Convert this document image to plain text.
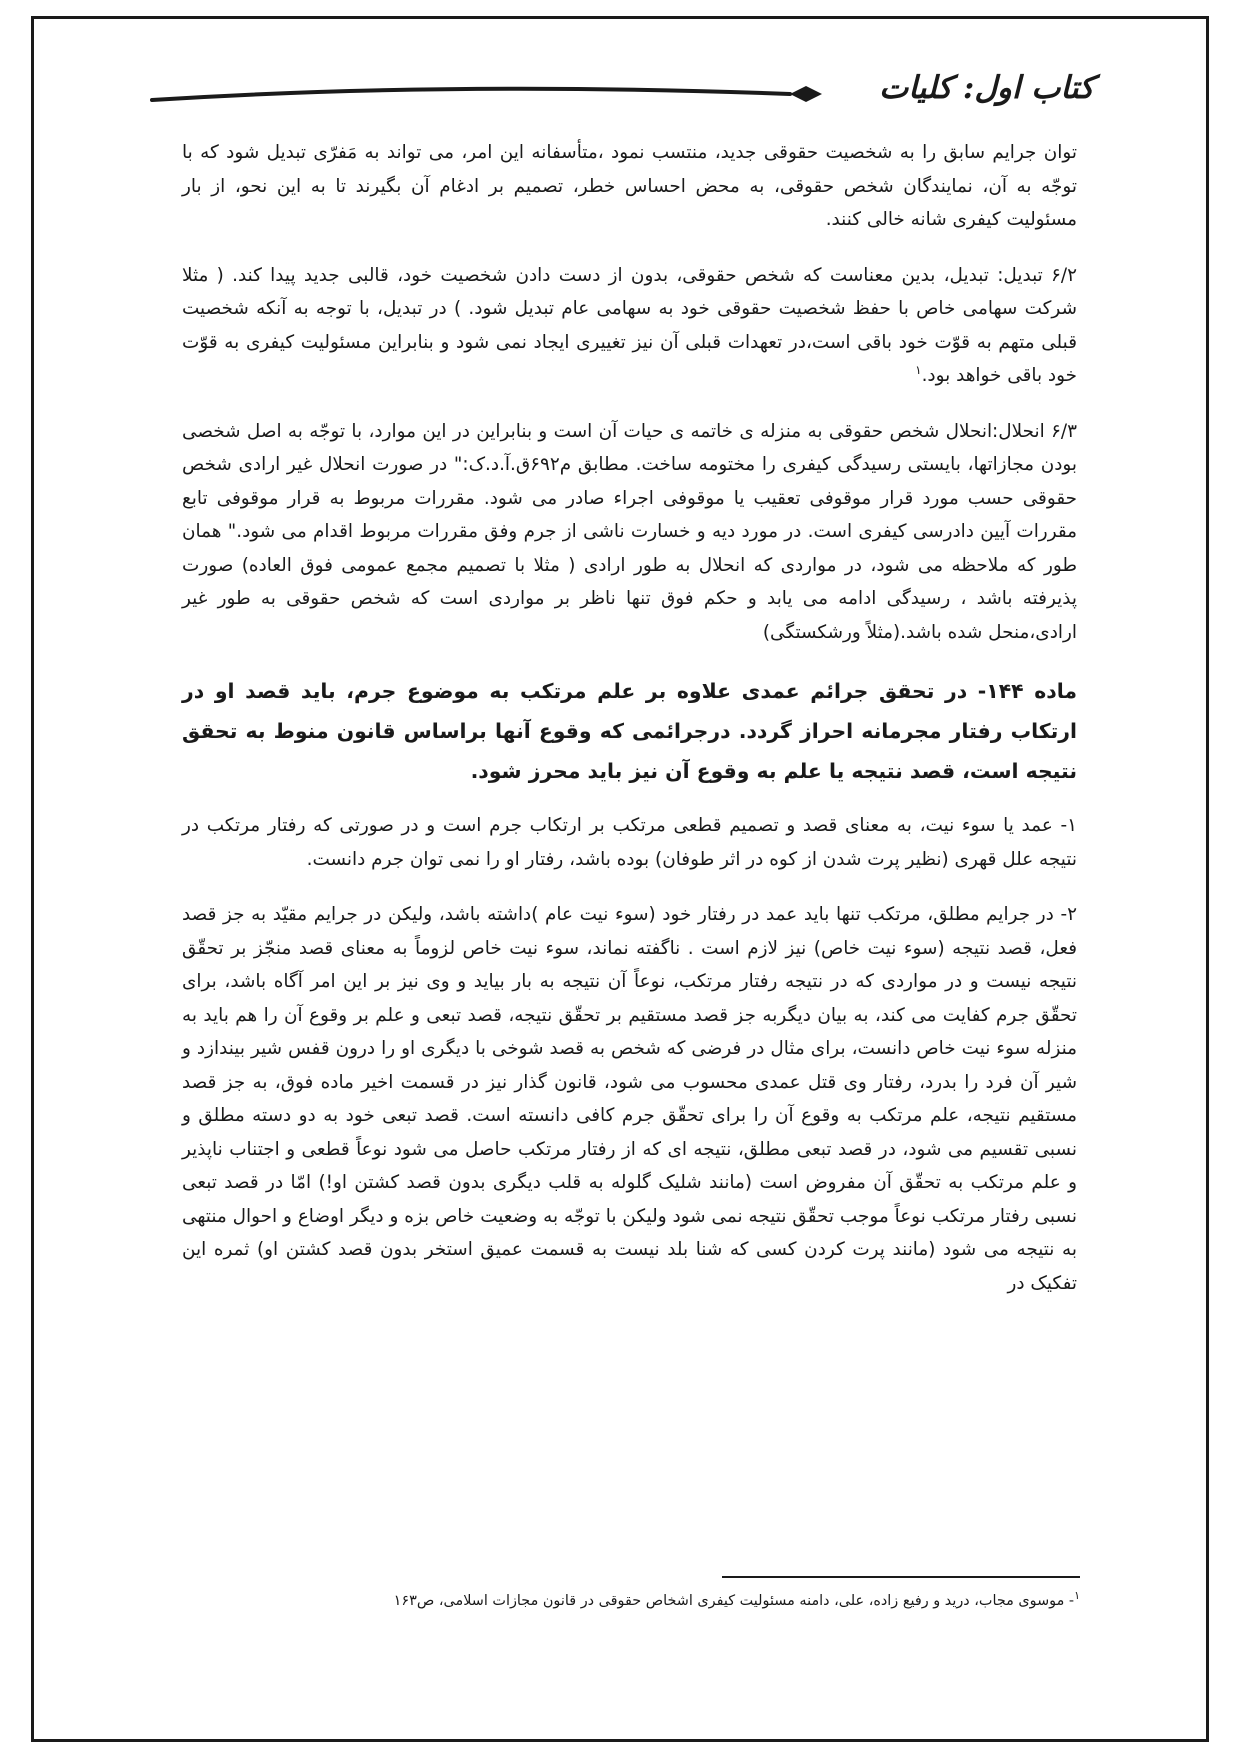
کتاب اول: کلیات

توان جرایم سابق را به شخصیت حقوقی جدید، منتسب نمود ،متأسفانه این امر، می تواند به مَفرّی تبدیل شود که با توجّه به آن، نمایندگان شخص حقوقی، به محض احساس خطر، تصمیم بر ادغام آن بگیرند تا به این نحو، از بار مسئولیت کیفری شانه خالی کنند.

۶/۲ تبدیل: تبدیل، بدین معناست که شخص حقوقی، بدون از دست دادن شخصیت خود، قالبی جدید پیدا کند. ( مثلا شرکت سهامی خاص با حفظ شخصیت حقوقی خود به سهامی عام تبدیل شود. ) در تبدیل، با توجه به آنکه شخصیت قبلی متهم به قوّت خود باقی است،در تعهدات قبلی آن نیز تغییری ایجاد نمی شود و بنابراین مسئولیت کیفری به قوّت خود باقی خواهد بود.$^۱$

۶/۳ انحلال:انحلال شخص حقوقی به منزله ی خاتمه ی حیات آن است و بنابراین در این موارد، با توجّه به اصل شخصی بودن مجازاتها، بایستی رسیدگی کیفری را مختومه ساخت. مطابق م۶۹۲ق.آ.د.ک:" در صورت انحلال غیر ارادی شخص حقوقی حسب مورد قرار موقوفی تعقیب یا موقوفی اجراء صادر می شود. مقررات مربوط به قرار موقوفی تابع مقررات آیین دادرسی کیفری است. در مورد دیه و خسارت ناشی از جرم وفق مقررات مربوط اقدام می شود." همان طور که ملاحظه می شود، در مواردی که انحلال به طور ارادی ( مثلا با تصمیم مجمع عمومی فوق العاده) صورت پذیرفته باشد ، رسیدگی ادامه می یابد و حکم فوق تنها ناظر بر مواردی است که شخص حقوقی به طور غیر ارادی،منحل شده باشد.(مثلاً ورشکستگی)

ماده ۱۴۴- در تحقق جرائم عمدی علاوه بر علم مرتکب به موضوع جرم، باید قصد او در ارتکاب رفتار مجرمانه احراز گردد. درجرائمی که وقوع آنها براساس قانون منوط به تحقق نتیجه است، قصد نتیجه یا علم به وقوع آن نیز باید محرز شود.

۱- عمد یا سوء نیت، به معنای قصد و تصمیم قطعی مرتکب بر ارتکاب جرم است و در صورتی که رفتار مرتکب در نتیجه علل قهری (نظیر پرت شدن از کوه در اثر طوفان) بوده باشد، رفتار او را نمی توان جرم دانست.

۲- در جرایم مطلق، مرتکب تنها باید عمد در رفتار خود (سوء نیت عام )داشته باشد، ولیکن در جرایم مقیّد به جز قصد فعل، قصد نتیجه (سوء نیت خاص) نیز لازم است . ناگفته نماند، سوء نیت خاص لزوماً به معنای قصد منجّز بر تحقّق نتیجه نیست و در مواردی که در نتیجه رفتار مرتکب، نوعاً آن نتیجه به بار بیاید و وی نیز بر این امر آگاه باشد، برای تحقّق جرم کفایت می کند، به بیان دیگربه جز قصد مستقیم بر تحقّق نتیجه، قصد تبعی و علم بر وقوع آن را هم باید به منزله سوء نیت خاص دانست، برای مثال در فرضی که شخص به قصد شوخی با دیگری او را درون قفس شیر بیندازد و شیر آن فرد را بدرد، رفتار وی قتل عمدی محسوب می شود، قانون گذار نیز در قسمت اخیر ماده فوق، به جز قصد مستقیم نتیجه، علم مرتکب به وقوع آن را برای تحقّق جرم کافی دانسته است. قصد تبعی خود به دو دسته مطلق و نسبی تقسیم می شود، در قصد تبعی مطلق، نتیجه ای که از رفتار مرتکب حاصل می شود نوعاً قطعی و اجتناب ناپذیر و علم مرتکب به تحقّق آن مفروض است (مانند شلیک گلوله به قلب دیگری بدون قصد کشتن او!) امّا در قصد تبعی نسبی رفتار مرتکب نوعاً موجب تحقّق نتیجه نمی شود ولیکن با توجّه به وضعیت خاص بزه و دیگر اوضاع و احوال منتهی به نتیجه می شود (مانند پرت کردن کسی که شنا بلد نیست به قسمت عمیق استخر بدون قصد کشتن او) ثمره این تفکیک در

$^۱$- موسوی مجاب، درید و رفیع زاده، علی، دامنه مسئولیت کیفری اشخاص حقوقی در قانون مجازات اسلامی، ص۱۶۳
